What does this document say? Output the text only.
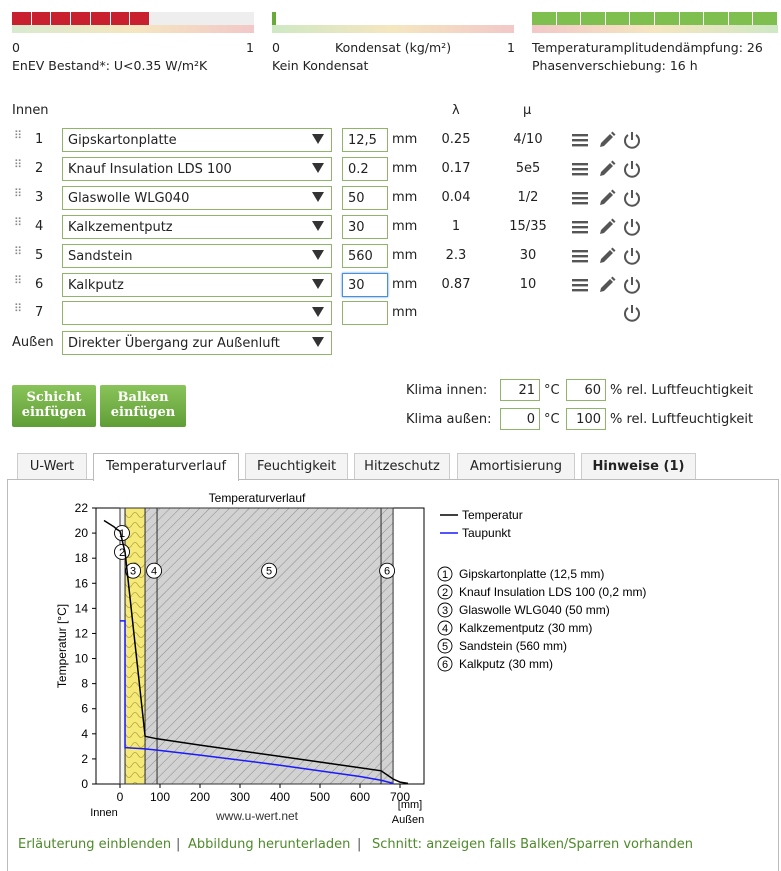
0	1
EnEV Bestand*: U<0.35 W/m²K
0	Kondensat (kg/m²)	1
Kein Kondensat
Temperaturamplitudendämpfung: 26
Phasenverschiebung: 16 h
Innen	λ	μ
⠿ 1	Gipskartonplatte	12,5	mm	0.25	4/10
⠿ 2	Knauf Insulation LDS 100	0.2	mm	0.17	5e5
⠿ 3	Glaswolle WLG040	50	mm	0.04	1/2
⠿ 4	Kalkzementputz	30	mm	1	15/35
⠿ 5	Sandstein	560	mm	2.3	30
⠿ 6	Kalkputz	30	mm	0.87	10
⠿ 7	mm
Außen	Direkter Übergang zur Außenluft
Schicht einfügen
Balken einfügen
Klima innen:	21 °C	60 % rel. Luftfeuchtigkeit
Klima außen:	0 °C	100 % rel. Luftfeuchtigkeit
U-Wert	Temperaturverlauf	Feuchtigkeit	Hitzeschutz	Amortisierung	Hinweise (1)
1
2
3 4	5	6
0
2
4
6
8
10
12
14
16
18
20
22
0 100 200 300 400 500 600 700
Temperaturverlauf
Temperatur [°C]
[mm]
Innen
Außen
www.u-wert.net
Temperatur
Taupunkt
1 Gipskartonplatte (12,5 mm)
2 Knauf Insulation LDS 100 (0,2 mm)
3 Glaswolle WLG040 (50 mm)
4 Kalkzementputz (30 mm)
5 Sandstein (560 mm)
6 Kalkputz (30 mm)
Erläuterung einblenden | Abbildung herunterladen | Schnitt: anzeigen falls Balken/Sparren vorhanden
